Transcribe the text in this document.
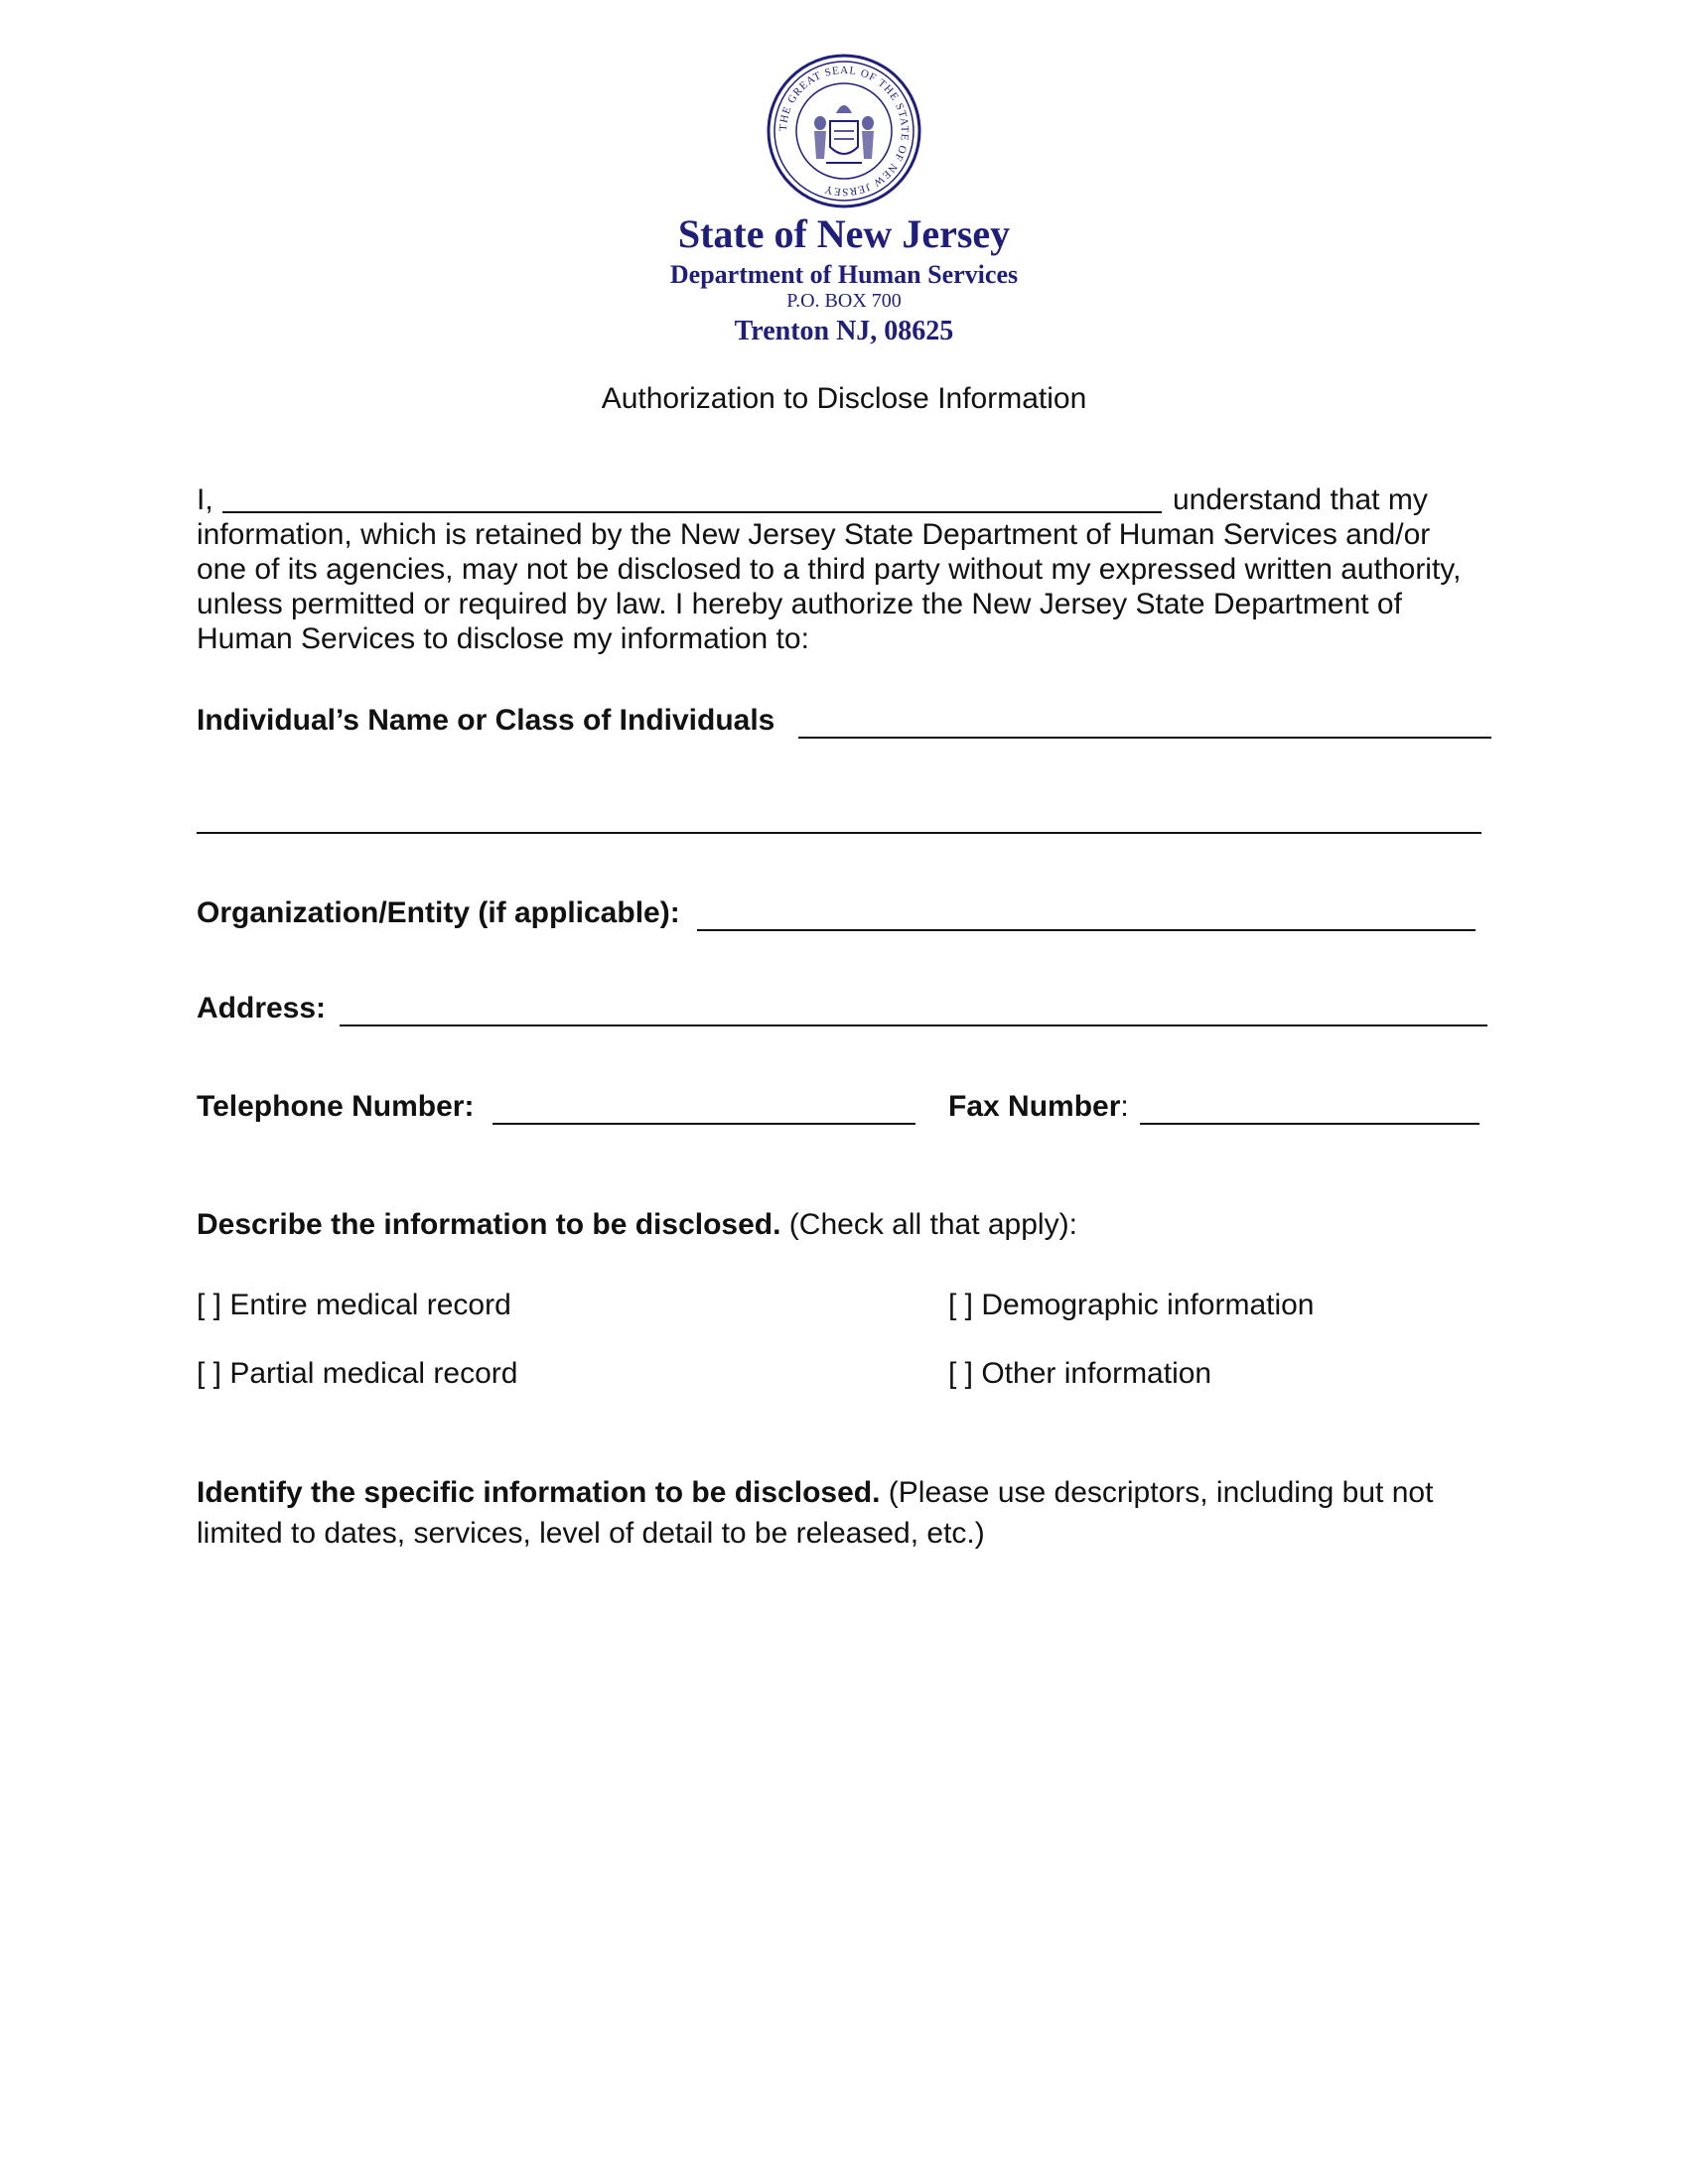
THE GREAT SEAL OF THE STATE OF NEW JERSEY
State of New Jersey
Department of Human Services
P.O. BOX 700
Trenton NJ, 08625
Authorization to Disclose Information
I,	understand that my
information, which is retained by the New Jersey State Department of Human Services and/or
one of its agencies, may not be disclosed to a third party without my expressed written authority,
unless permitted or required by law. I hereby authorize the New Jersey State Department of
Human Services to disclose my information to:
Individual’s Name or Class of Individuals
Organization/Entity (if applicable):
Address:
Telephone Number:	Fax Number:
Describe the information to be disclosed. (Check all that apply):
[ ] Entire medical record	[ ] Demographic information
[ ] Partial medical record	[ ] Other information
Identify the specific information to be disclosed. (Please use descriptors, including but not
limited to dates, services, level of detail to be released, etc.)
